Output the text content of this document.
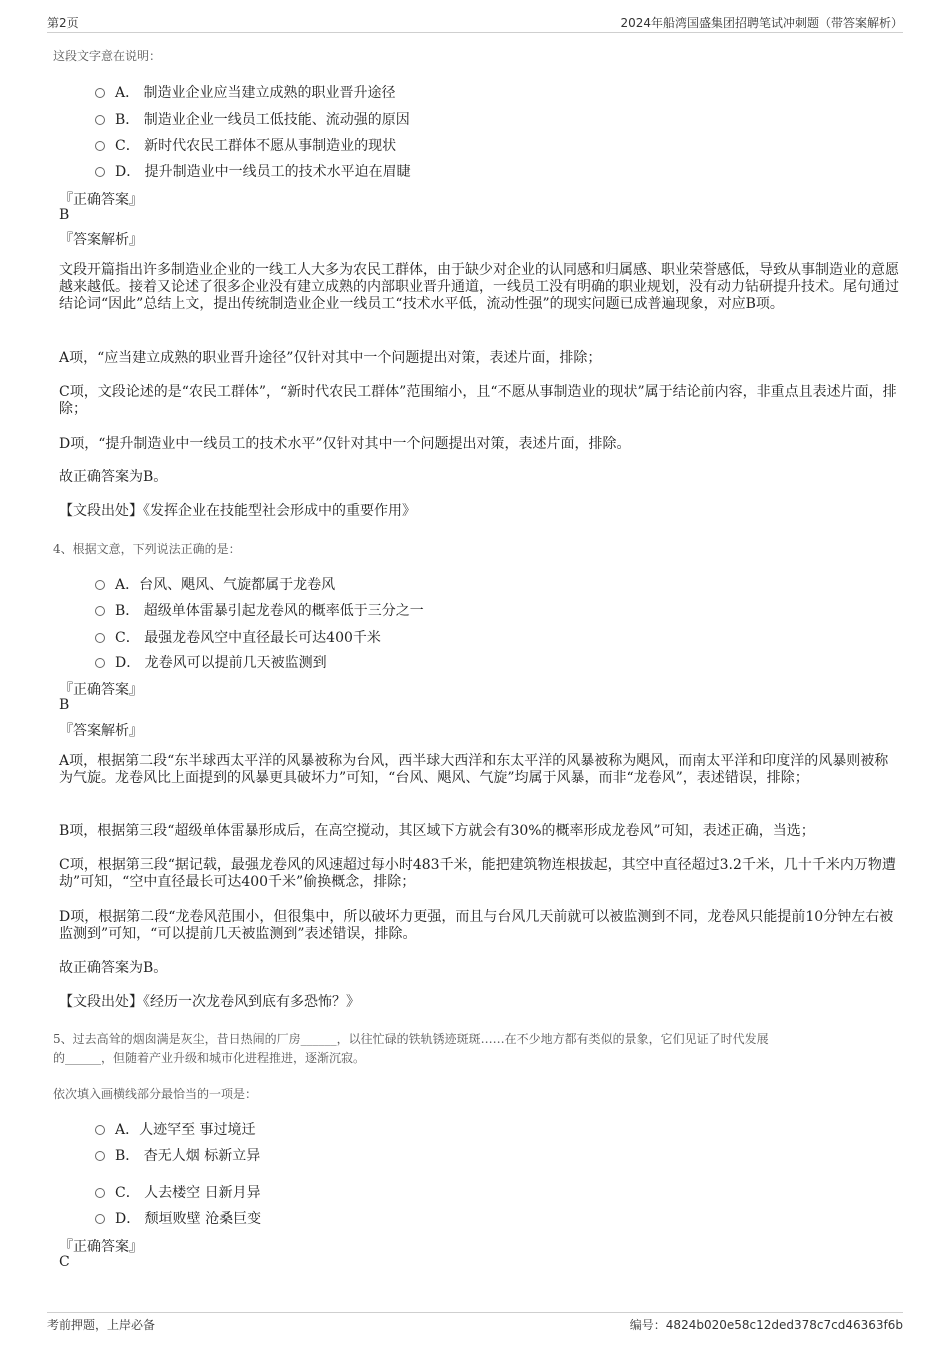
第2页	2024年船湾国盛集团招聘笔试冲刺题（带答案解析）
这段文字意在说明：
A． 制造业企业应当建立成熟的职业晋升途径
B． 制造业企业一线员工低技能、流动强的原因
C． 新时代农民工群体不愿从事制造业的现状
D． 提升制造业中一线员工的技术水平迫在眉睫
『正确答案』
B
『答案解析』
文段开篇指出许多制造业企业的一线工人大多为农民工群体，由于缺少对企业的认同感和归属感、职业荣誉感低，导致从事制造业的意愿越来越低。接着又论述了很多企业没有建立成熟的内部职业晋升通道，一线员工没有明确的职业规划，没有动力钻研提升技术。尾句通过结论词“因此”总结上文，提出传统制造业企业一线员工“技术水平低，流动性强”的现实问题已成普遍现象，对应B项。
A项，“应当建立成熟的职业晋升途径”仅针对其中一个问题提出对策，表述片面，排除；
C项，文段论述的是“农民工群体”，“新时代农民工群体”范围缩小，且“不愿从事制造业的现状”属于结论前内容，非重点且表述片面，排除；
D项，“提升制造业中一线员工的技术水平”仅针对其中一个问题提出对策，表述片面，排除。
故正确答案为B。
【文段出处】《发挥企业在技能型社会形成中的重要作用》
4、根据文意，下列说法正确的是：
A．台风、飓风、气旋都属于龙卷风
B． 超级单体雷暴引起龙卷风的概率低于三分之一
C． 最强龙卷风空中直径最长可达400千米
D． 龙卷风可以提前几天被监测到
『正确答案』
B
『答案解析』
A项，根据第二段“东半球西太平洋的风暴被称为台风，西半球大西洋和东太平洋的风暴被称为飓风，而南太平洋和印度洋的风暴则被称为气旋。龙卷风比上面提到的风暴更具破坏力”可知，“台风、飓风、气旋”均属于风暴，而非“龙卷风”，表述错误，排除；
B项，根据第三段“超级单体雷暴形成后，在高空搅动，其区域下方就会有30%的概率形成龙卷风”可知，表述正确，当选；
C项，根据第三段“据记载，最强龙卷风的风速超过每小时483千米，能把建筑物连根拔起，其空中直径超过3.2千米，几十千米内万物遭劫”可知，“空中直径最长可达400千米”偷换概念，排除；
D项，根据第二段“龙卷风范围小，但很集中，所以破坏力更强，而且与台风几天前就可以被监测到不同，龙卷风只能提前10分钟左右被监测到”可知，“可以提前几天被监测到”表述错误，排除。
故正确答案为B。
【文段出处】《经历一次龙卷风到底有多恐怖？》
5、过去高耸的烟囱满是灰尘，昔日热闹的厂房______，以往忙碌的铁轨锈迹斑斑……在不少地方都有类似的景象，它们见证了时代发展
的______，但随着产业升级和城市化进程推进，逐渐沉寂。
依次填入画横线部分最恰当的一项是：
A．人迹罕至 事过境迁
B． 杳无人烟 标新立异
C． 人去楼空 日新月异
D． 颓垣败壁 沧桑巨变
『正确答案』
C
考前押题，上岸必备	编号：4824b020e58c12ded378c7cd46363f6b
